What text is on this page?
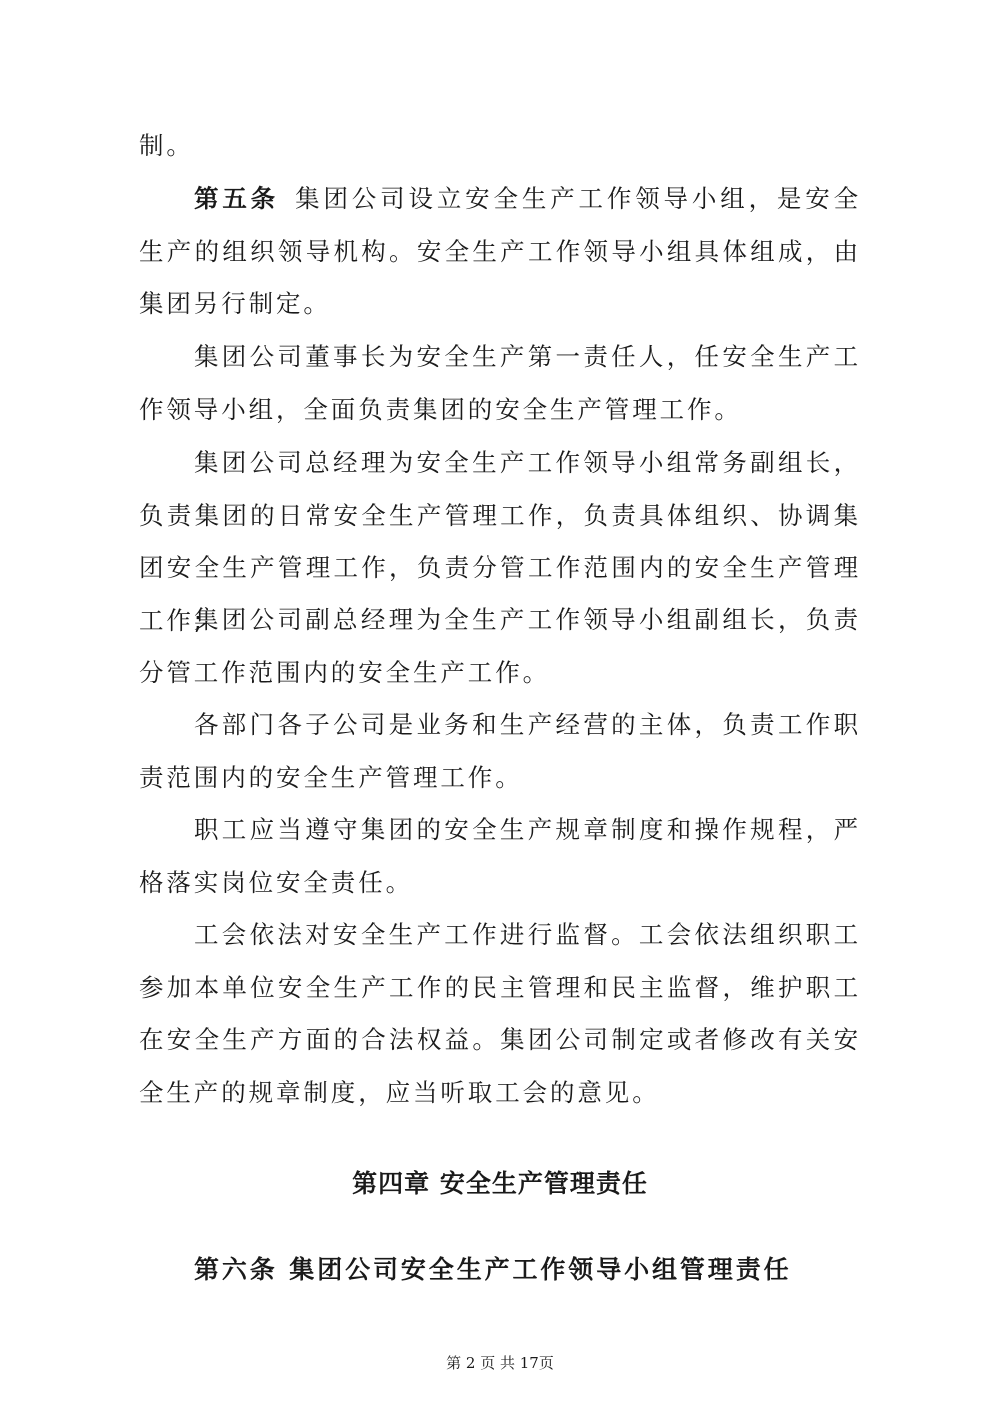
制。

第五条  集团公司设立安全生产工作领导小组，是安全生产的组织领导机构。安全生产工作领导小组具体组成，由集团另行制定。

集团公司董事长为安全生产第一责任人，任安全生产工作领导小组，全面负责集团的安全生产管理工作。

集团公司总经理为安全生产工作领导小组常务副组长，负责集团的日常安全生产管理工作，负责具体组织、协调集团安全生产管理工作，负责分管工作范围内的安全生产管理工作;

集团公司副总经理为全生产工作领导小组副组长，负责分管工作范围内的安全生产工作。

各部门各子公司是业务和生产经营的主体，负责工作职责范围内的安全生产管理工作。

职工应当遵守集团的安全生产规章制度和操作规程，严格落实岗位安全责任。

工会依法对安全生产工作进行监督。工会依法组织职工参加本单位安全生产工作的民主管理和民主监督，维护职工在安全生产方面的合法权益。集团公司制定或者修改有关安全生产的规章制度，应当听取工会的意见。

第四章 安全生产管理责任

第六条 集团公司安全生产工作领导小组管理责任

第 2 页 共 17页
